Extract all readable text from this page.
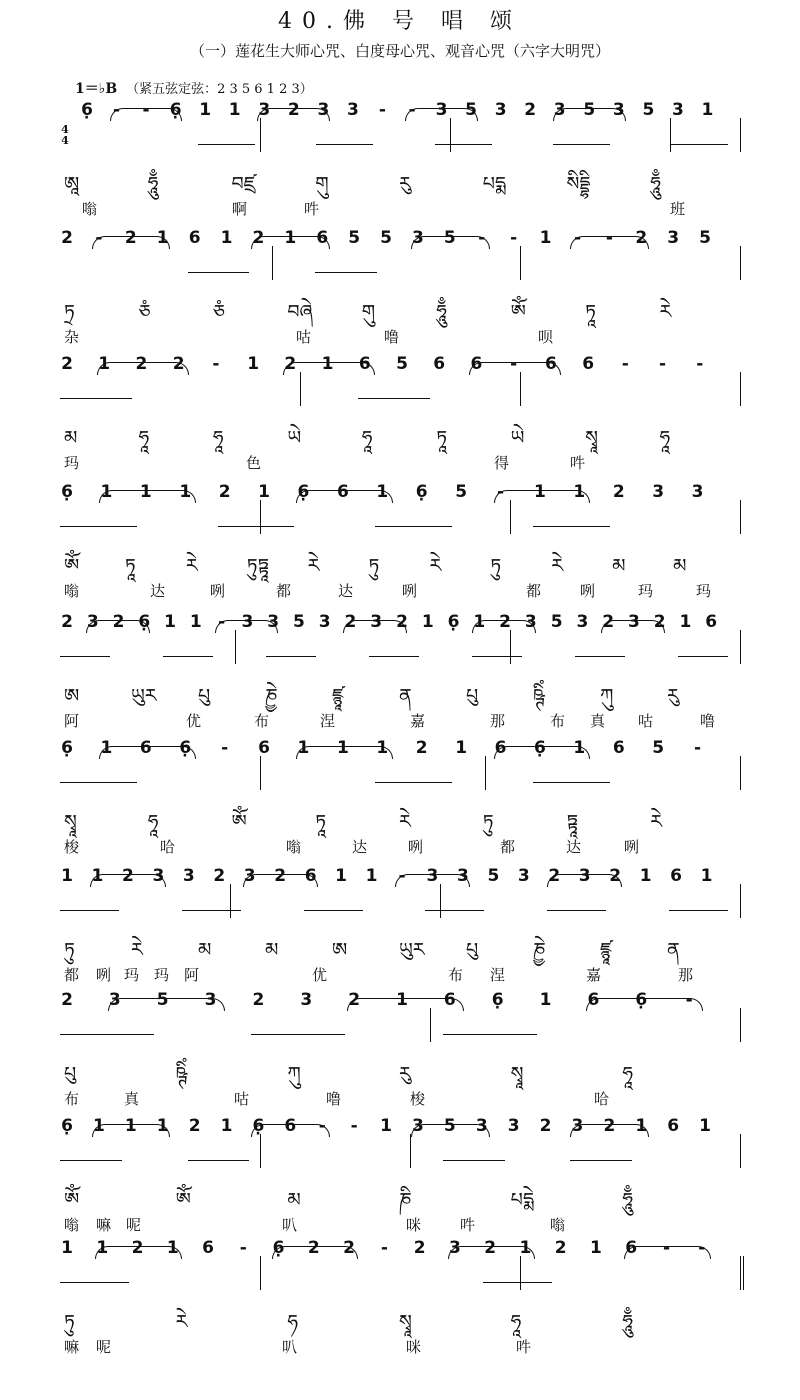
40.佛 号 唱 颂
（一）莲花生大师心咒、白度母心咒、观音心咒（六字大明咒）
1＝♭B （紧五弦定弦：2 3 5 6 1 2 3）
4
4
6 · - - 6 · 1 1 3 2 3 3 - - 3 5 3 2 3 5 3 5 3 1
ཨཱ	ཧཱུྃ	བཛྲ	གུ	རུ	པདྨ	སིདྡྷི	ཧཱུྃ
嗡	啊	吽	班
2 - 2 1 6 1 2 1 6 5 5 3 5 - - 1 - - 2 3 5
ཏྲ	ཅཾ	ཅཾ	བཞེ	གུ	ཧཱུྃ	ཨོཾ	ཏཱ	རེ
杂	咕	噜	呗
2 1 2 2 - 1 2 1 6 5 6 6 - 6 6 - - -
མ	ཧཱ	ཧཱ	ཡེ	ཧཱ	ཏཱ	ཡེ	སྭཱ	ཧཱ
玛	色	得	吽
6 · 1 1 1 2 1 6 · 6 1 6 · 5 - 1 1 2 3 3
ཨོཾ ཏཱ	རེ	ཏུཏྟཱ རེ	ཏུ	རེ	ཏུ	རེ	མ	མ
嗡	达	咧	都	达	咧	都	咧	玛	玛
2 3 2 6 · 1 1 - 3 3 5 3 2 3 2 1 6 · 1 2 3 5 3 2 3 2 1 6
ཨ	ཡུར པུ	ཎྱེ	ཛྙཱ	ན	པུ	ཥྚིཾ	ཀུ	རུ
阿	优	布	涅	嘉	那	布 真 咕	噜
6 · 1 6 6 · - 6 1 1 1 2 1 6 6 · 1 6 5 -
སྭཱ	ཧཱ	ཨོཾ	ཏཱ	རེ	ཏུ	ཏྟཱ	རེ
梭	哈	嗡	达	咧	都	达	咧
1 1 2 3 3 2 3 2 6 1 1 - 3 3 5 3 2 3 2 1 6 1
ཏུ	རེ	མ	མ	ཨ	ཡུར པུ	ཎྱེ	ཛྙཱ	ན
都 咧 玛 玛 阿	优	布 涅	嘉	那
2 3 5 3 2 3 2 1 6 6 · 1 6 6 · -
པུ	ཥྚིཾ	ཀུ	རུ	སྭཱ	ཧཱ
布	真	咕	噜	梭	哈
6 · 1 1 1 2 1 6 · 6 - - 1 3 5 3 3 2 3 2 1 6 1
ཨོཾ	ཨོཾ	མ	ཎི	པདྨེ	ཧཱུྃ
嗡 嘛 呢	叭	咪	吽	嗡
1 1 2 1 6 - 6 · 2 2 - 2 3 2 1 2 1 6 - -
ཏུ	རེ	ཧ	སྭཱ	ཧཱ	ཧཱུྃ
嘛 呢	叭	咪	吽
